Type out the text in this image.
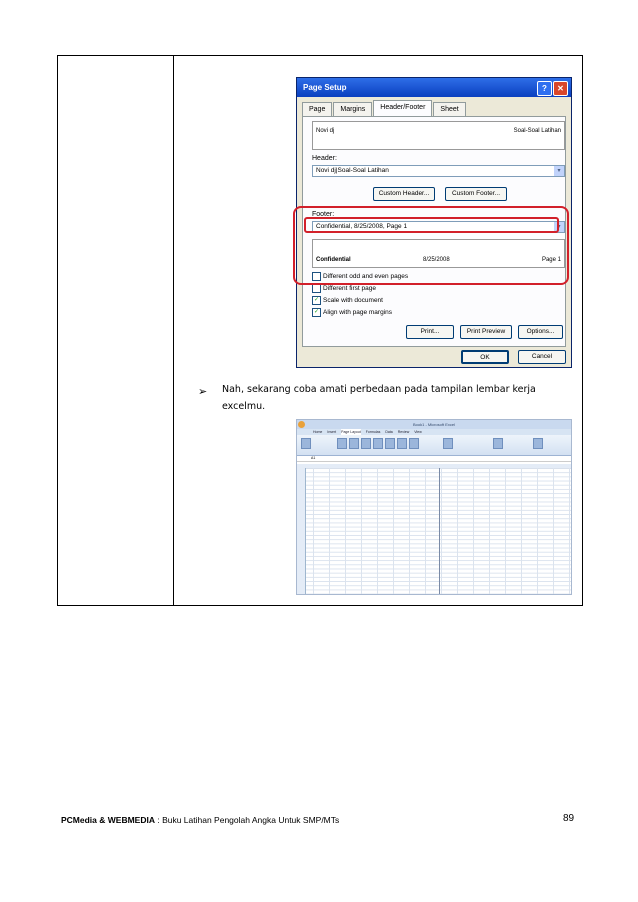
Page Setup	?	✕
Page	Margins	Header/Footer	Sheet
Novi dj	Soal-Soal Latihan
Header:
Novi dj|Soal-Soal Latihan	▾
Custom Header...	Custom Footer...
Footer:
Confidential, 8/25/2008, Page 1	▾
Confidential	8/25/2008	Page 1
Different odd and even pages
Different first page
✓ Scale with document
✓ Align with page margins
Print...	Print Preview	Options...
OK	Cancel
➢ Nah, sekarang coba amati perbedaan pada tampilan lembar kerja excelmu.
Book1 - Microsoft Excel
Home Insert Page Layout Formulas Data Review View
A1
PCMedia & WEBMEDIA : Buku Latihan Pengolah Angka Untuk SMP/MTs	89
